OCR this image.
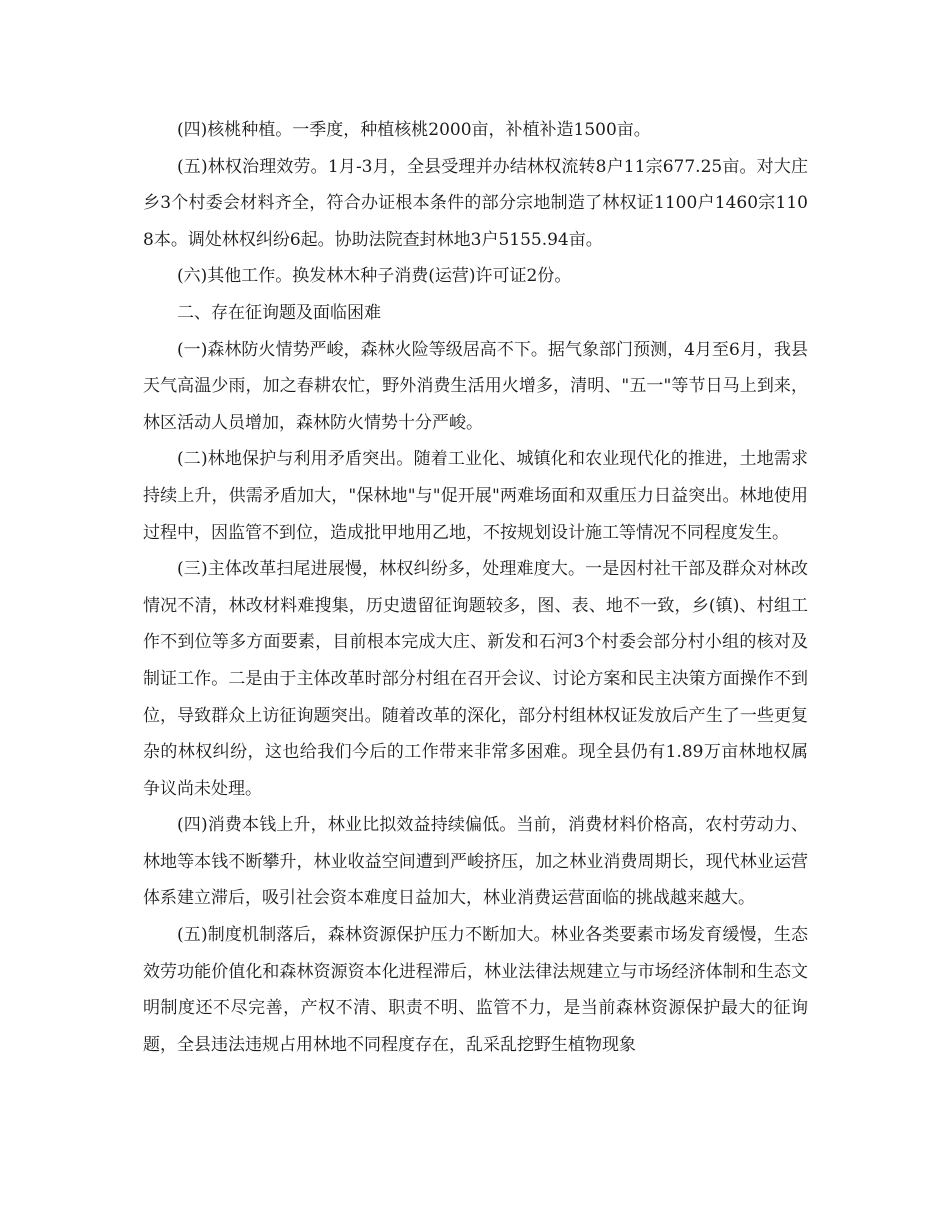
(四)核桃种植。一季度，种植核桃2000亩，补植补造1500亩。

(五)林权治理效劳。1月-3月，全县受理并办结林权流转8户11宗677.25亩。对大庄乡3个村委会材料齐全，符合办证根本条件的部分宗地制造了林权证1100户1460宗1108本。调处林权纠纷6起。协助法院查封林地3户5155.94亩。

(六)其他工作。换发林木种子消费(运营)许可证2份。

二、存在征询题及面临困难

(一)森林防火情势严峻，森林火险等级居高不下。据气象部门预测，4月至6月，我县天气高温少雨，加之春耕农忙，野外消费生活用火增多，清明、"五一"等节日马上到来，林区活动人员增加，森林防火情势十分严峻。

(二)林地保护与利用矛盾突出。随着工业化、城镇化和农业现代化的推进，土地需求持续上升，供需矛盾加大，"保林地"与"促开展"两难场面和双重压力日益突出。林地使用过程中，因监管不到位，造成批甲地用乙地，不按规划设计施工等情况不同程度发生。

(三)主体改革扫尾进展慢，林权纠纷多，处理难度大。一是因村社干部及群众对林改情况不清，林改材料难搜集，历史遗留征询题较多，图、表、地不一致，乡(镇)、村组工作不到位等多方面要素，目前根本完成大庄、新发和石河3个村委会部分村小组的核对及制证工作。二是由于主体改革时部分村组在召开会议、讨论方案和民主决策方面操作不到位，导致群众上访征询题突出。随着改革的深化，部分村组林权证发放后产生了一些更复杂的林权纠纷，这也给我们今后的工作带来非常多困难。现全县仍有1.89万亩林地权属争议尚未处理。

(四)消费本钱上升，林业比拟效益持续偏低。当前，消费材料价格高，农村劳动力、林地等本钱不断攀升，林业收益空间遭到严峻挤压，加之林业消费周期长，现代林业运营体系建立滞后，吸引社会资本难度日益加大，林业消费运营面临的挑战越来越大。

(五)制度机制落后，森林资源保护压力不断加大。林业各类要素市场发育缓慢，生态效劳功能价值化和森林资源资本化进程滞后，林业法律法规建立与市场经济体制和生态文明制度还不尽完善，产权不清、职责不明、监管不力，是当前森林资源保护最大的征询题，全县违法违规占用林地不同程度存在，乱采乱挖野生植物现象
